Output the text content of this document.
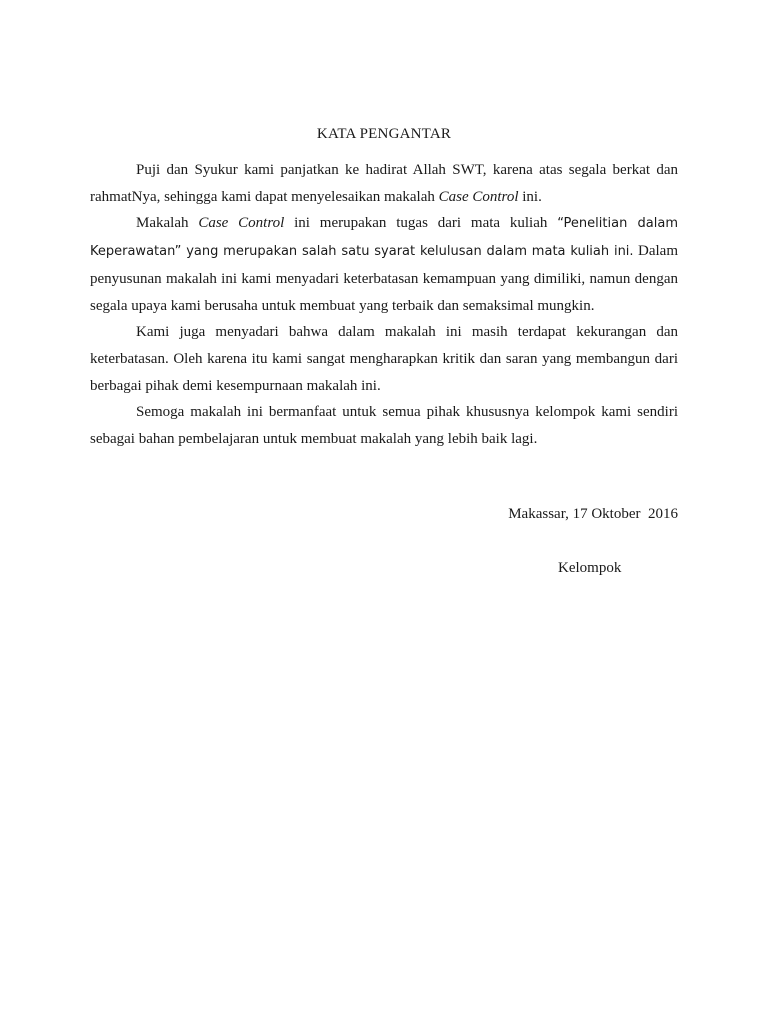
KATA PENGANTAR

Puji dan Syukur kami panjatkan ke hadirat Allah SWT, karena atas segala berkat dan rahmatNya, sehingga kami dapat menyelesaikan makalah Case Control ini.

Makalah Case Control ini merupakan tugas dari mata kuliah “Penelitian dalam Keperawatan” yang merupakan salah satu syarat kelulusan dalam mata kuliah ini. Dalam penyusunan makalah ini kami menyadari keterbatasan kemampuan yang dimiliki, namun dengan segala upaya kami berusaha untuk membuat yang terbaik dan semaksimal mungkin.

Kami juga menyadari bahwa dalam makalah ini masih terdapat kekurangan dan keterbatasan. Oleh karena itu kami sangat mengharapkan kritik dan saran yang membangun dari berbagai pihak demi kesempurnaan makalah ini.

Semoga makalah ini bermanfaat untuk semua pihak khususnya kelompok kami sendiri sebagai bahan pembelajaran untuk membuat makalah yang lebih baik lagi.

Makassar, 17 Oktober  2016
Kelompok
